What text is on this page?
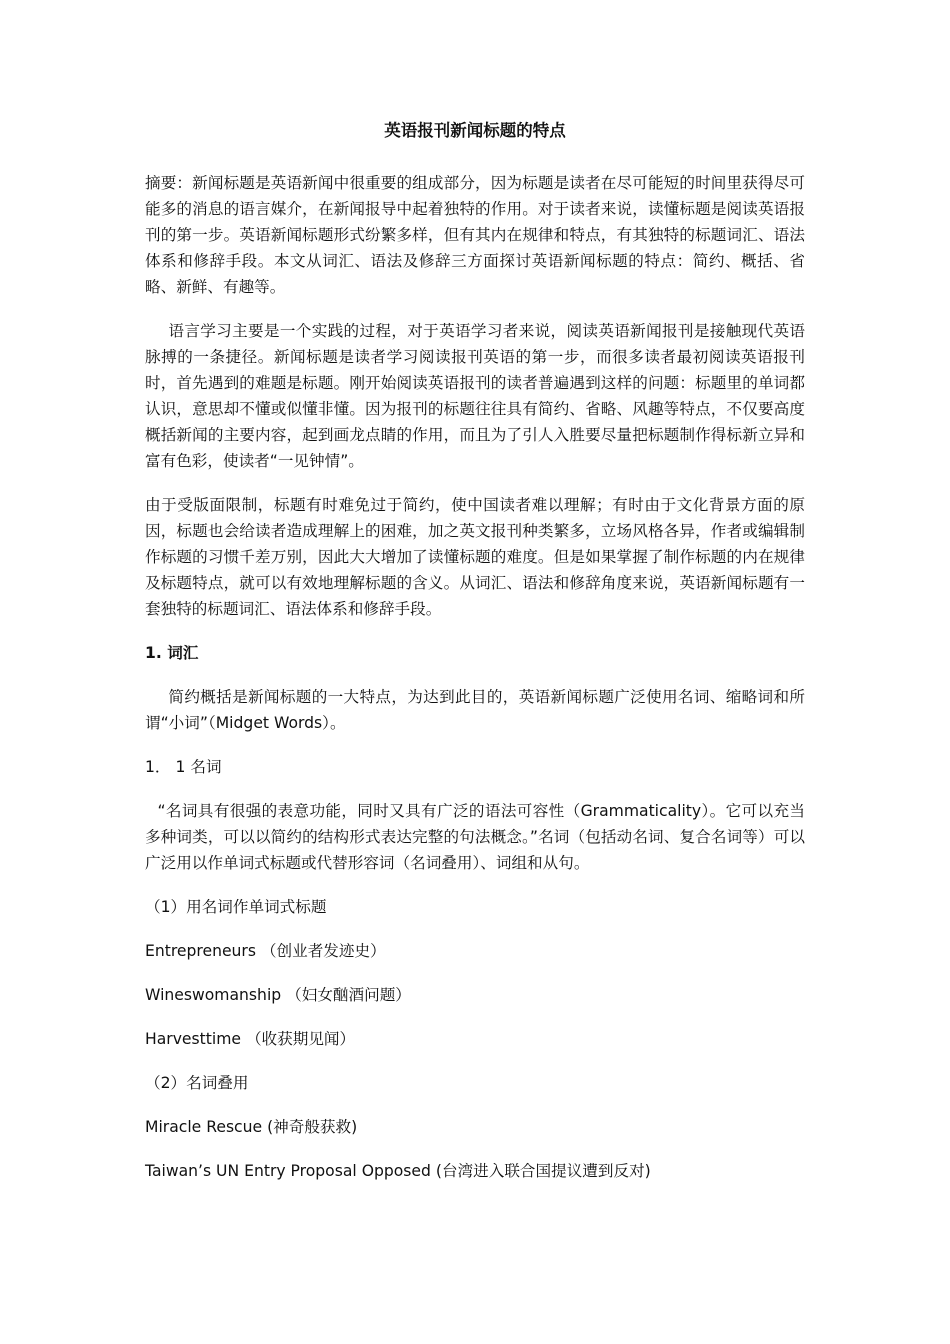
英语报刊新闻标题的特点

摘要：新闻标题是英语新闻中很重要的组成部分，因为标题是读者在尽可能短的时间里获得尽可能多的消息的语言媒介，在新闻报导中起着独特的作用。对于读者来说，读懂标题是阅读英语报刊的第一步。英语新闻标题形式纷繁多样，但有其内在规律和特点，有其独特的标题词汇、语法体系和修辞手段。本文从词汇、语法及修辞三方面探讨英语新闻标题的特点：简约、概括、省略、新鲜、有趣等。

语言学习主要是一个实践的过程，对于英语学习者来说，阅读英语新闻报刊是接触现代英语脉搏的一条捷径。新闻标题是读者学习阅读报刊英语的第一步，而很多读者最初阅读英语报刊时，首先遇到的难题是标题。刚开始阅读英语报刊的读者普遍遇到这样的问题：标题里的单词都认识，意思却不懂或似懂非懂。因为报刊的标题往往具有简约、省略、风趣等特点，不仅要高度概括新闻的主要内容，起到画龙点睛的作用，而且为了引人入胜要尽量把标题制作得标新立异和富有色彩，使读者“一见钟情”。

由于受版面限制，标题有时难免过于简约，使中国读者难以理解；有时由于文化背景方面的原因，标题也会给读者造成理解上的困难，加之英文报刊种类繁多，立场风格各异，作者或编辑制作标题的习惯千差万别，因此大大增加了读懂标题的难度。但是如果掌握了制作标题的内在规律及标题特点，就可以有效地理解标题的含义。从词汇、语法和修辞角度来说，英语新闻标题有一套独特的标题词汇、语法体系和修辞手段。

1. 词汇

简约概括是新闻标题的一大特点，为达到此目的，英语新闻标题广泛使用名词、缩略词和所谓“小词”（Midget Words）。

1． 1 名词

“名词具有很强的表意功能，同时又具有广泛的语法可容性（Grammaticality）。它可以充当多种词类，可以以简约的结构形式表达完整的句法概念。”名词（包括动名词、复合名词等）可以广泛用以作单词式标题或代替形容词（名词叠用）、词组和从句。

（1）用名词作单词式标题

Entrepreneurs （创业者发迹史）

Wineswomanship （妇女酗酒问题）

Harvesttime （收获期见闻）

（2）名词叠用

Miracle Rescue (神奇般获救)

Taiwan’s UN Entry Proposal Opposed (台湾进入联合国提议遭到反对)
